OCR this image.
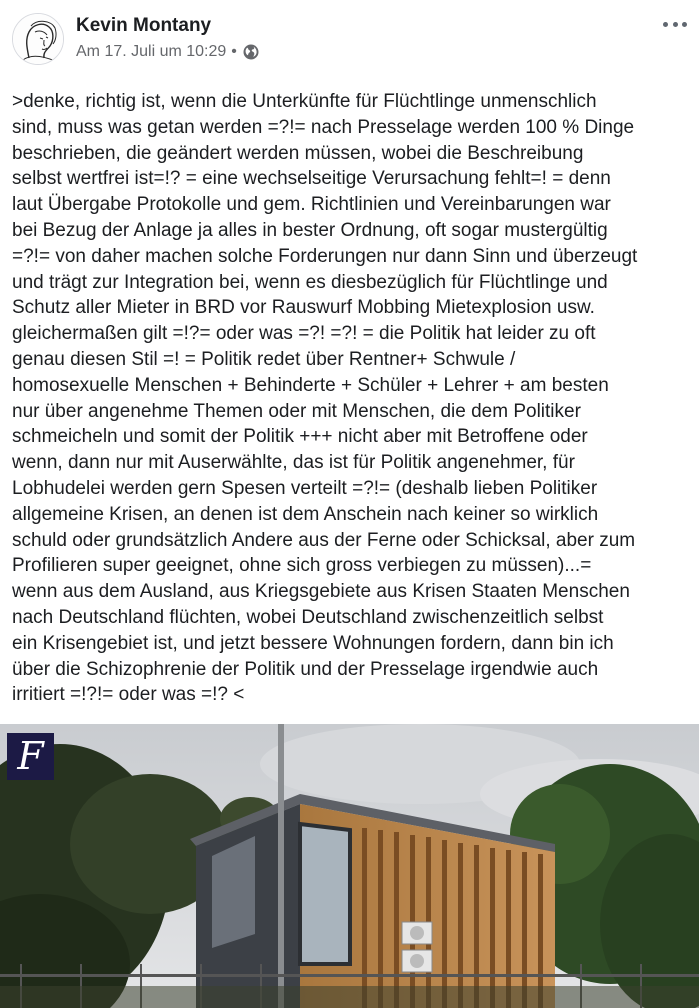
Kevin Montany
Am 17. Juli um 10:29 •
>denke, richtig ist, wenn die Unterkünfte für Flüchtlinge unmenschlich
sind, muss was getan werden =?!= nach Presselage werden 100 % Dinge
beschrieben, die geändert werden müssen, wobei die Beschreibung
selbst wertfrei ist=!? = eine wechselseitige Verursachung fehlt=! = denn
laut Übergabe Protokolle und gem. Richtlinien und Vereinbarungen war
bei Bezug der Anlage ja alles in bester Ordnung, oft sogar mustergültig
=?!= von daher machen solche Forderungen nur dann Sinn und überzeugt
und trägt zur Integration bei, wenn es diesbezüglich für Flüchtlinge und
Schutz aller Mieter in BRD vor Rauswurf Mobbing Mietexplosion usw.
gleichermaßen gilt =!?= oder was =?! =?! = die Politik hat leider zu oft
genau diesen Stil =! = Politik redet über Rentner+ Schwule /
homosexuelle Menschen + Behinderte + Schüler + Lehrer + am besten
nur über angenehme Themen oder mit Menschen, die dem Politiker
schmeicheln und somit der Politik +++ nicht aber mit Betroffene oder
wenn, dann nur mit Auserwählte, das ist für Politik angenehmer, für
Lobhudelei werden gern Spesen verteilt =?!= (deshalb lieben Politiker
allgemeine Krisen, an denen ist dem Anschein nach keiner so wirklich
schuld oder grundsätzlich Andere aus der Ferne oder Schicksal, aber zum
Profilieren super geeignet, ohne sich gross verbiegen zu müssen)...=
wenn aus dem Ausland, aus Kriegsgebiete aus Krisen Staaten Menschen
nach Deutschland flüchten, wobei Deutschland zwischenzeitlich selbst
ein Krisengebiet ist, und jetzt bessere Wohnungen fordern, dann bin ich
über die Schizophrenie der Politik und der Presselage irgendwie auch
irritiert =!?!= oder was =!? <
F
